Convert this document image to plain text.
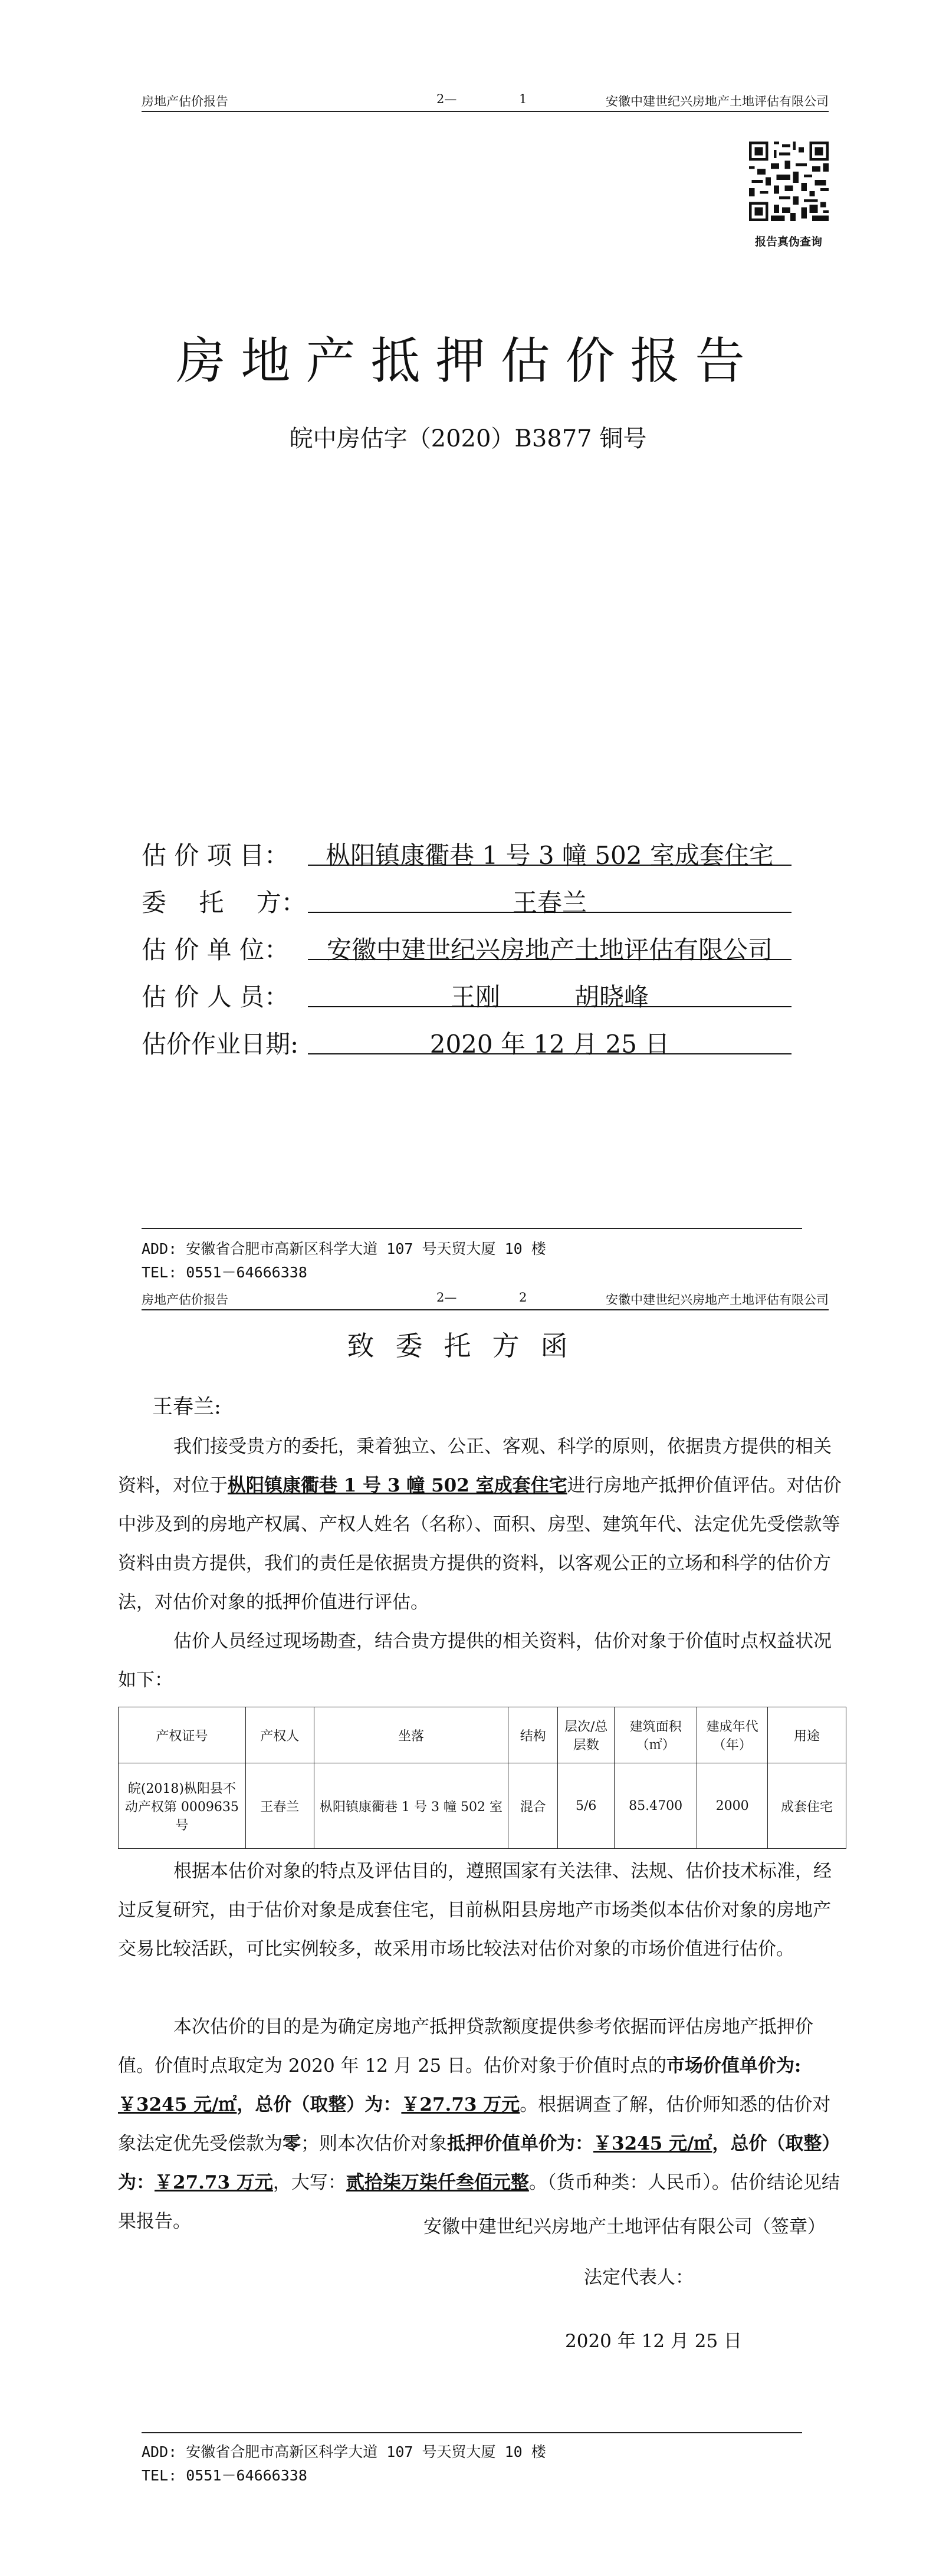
房地产估价报告	2—	1	安徽中建世纪兴房地产土地评估有限公司
报告真伪查询
房地产抵押估价报告
皖中房估字（2020）B3877 铜号
估 价 项 目：	枞阳镇康衢巷 1 号 3 幢 502 室成套住宅
委　 托　 方：	王春兰
估 价 单 位：	安徽中建世纪兴房地产土地评估有限公司
估 价 人 员：	王刚　　　胡晓峰
估价作业日期:	2020 年 12 月 25 日
ADD: 安徽省合肥市高新区科学大道 107 号天贸大厦 10 楼
TEL: 0551－64666338
房地产估价报告	2—	2	安徽中建世纪兴房地产土地评估有限公司
致委托方函
王春兰:
我们接受贵方的委托，秉着独立、公正、客观、科学的原则，依据贵方提供的相关资料，对位于枞阳镇康衢巷 1 号 3 幢 502 室成套住宅进行房地产抵押价值评估。对估价中涉及到的房地产权属、产权人姓名（名称）、面积、房型、建筑年代、法定优先受偿款等资料由贵方提供，我们的责任是依据贵方提供的资料，以客观公正的立场和科学的估价方法，对估价对象的抵押价值进行评估。
估价人员经过现场勘查，结合贵方提供的相关资料，估价对象于价值时点权益状况如下：
产权证号	产权人	坐落	结构	层次/总层数	建筑面积（㎡）	建成年代（年）	用途
皖(2018)枞阳县不动产权第 0009635 号	王春兰	枞阳镇康衢巷 1 号 3 幢 502 室	混合	5/6	85.4700	2000	成套住宅
根据本估价对象的特点及评估目的，遵照国家有关法律、法规、估价技术标准，经过反复研究，由于估价对象是成套住宅，目前枞阳县房地产市场类似本估价对象的房地产交易比较活跃，可比实例较多，故采用市场比较法对估价对象的市场价值进行估价。
本次估价的目的是为确定房地产抵押贷款额度提供参考依据而评估房地产抵押价值。价值时点取定为 2020 年 12 月 25 日。估价对象于价值时点的市场价值单价为:￥3245 元/㎡，总价（取整）为：￥27.73 万元。根据调查了解，估价师知悉的估价对象法定优先受偿款为零；则本次估价对象抵押价值单价为：￥3245 元/㎡，总价（取整）为：￥27.73 万元，大写：贰拾柒万柒仟叁佰元整。（货币种类：人民币）。估价结论见结果报告。	安徽中建世纪兴房地产土地评估有限公司（签章）
法定代表人：
2020 年 12 月 25 日
ADD: 安徽省合肥市高新区科学大道 107 号天贸大厦 10 楼
TEL: 0551－64666338
